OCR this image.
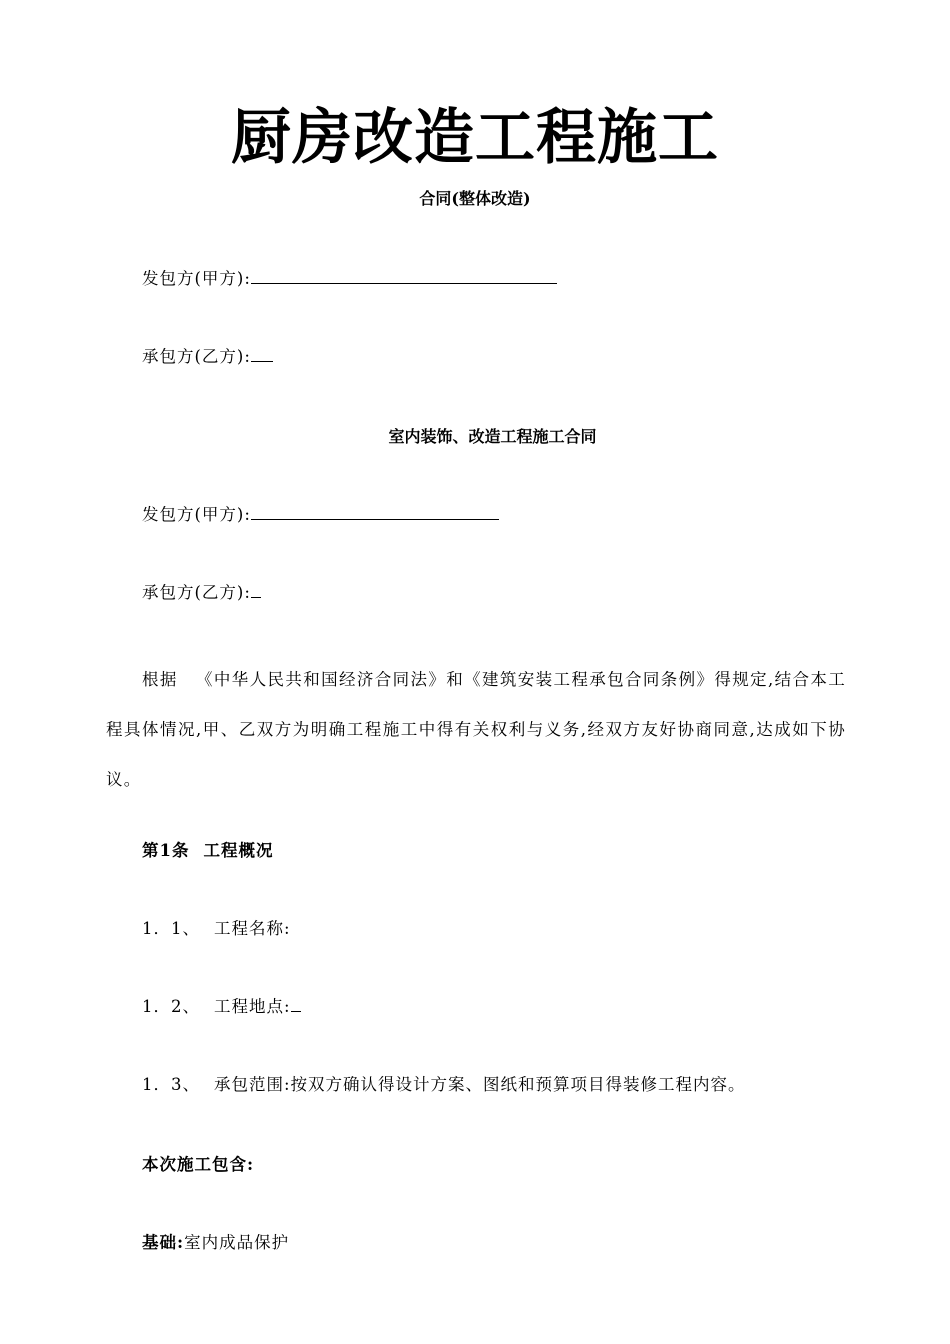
厨房改造工程施工
合同(整体改造)
发包方(甲方):
承包方(乙方):
室内装饰、改造工程施工合同
发包方(甲方):
承包方(乙方):

根据 《中华人民共和国经济合同法》和《建筑安装工程承包合同条例》得规定,结合本工程具体情况,甲、乙双方为明确工程施工中得有关权利与义务,经双方友好协商同意,达成如下协议。

第1条 工程概况
1．1、 工程名称:
1．2、 工程地点:
1．3、 承包范围:按双方确认得设计方案、图纸和预算项目得装修工程内容。
本次施工包含:
基础:室内成品保护
